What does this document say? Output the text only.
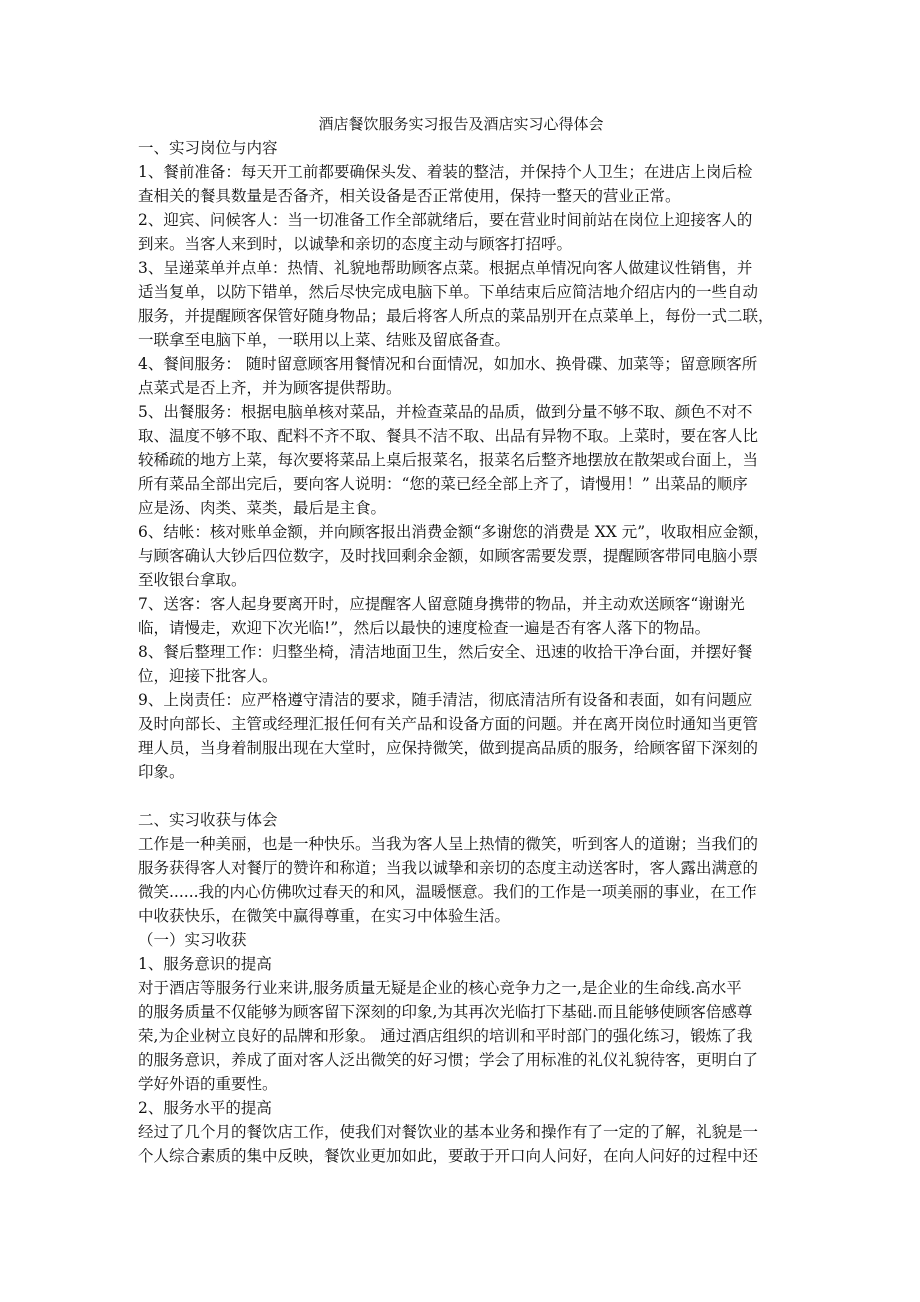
酒店餐饮服务实习报告及酒店实习心得体会

一、实习岗位与内容

1、餐前准备：每天开工前都要确保头发、着装的整洁，并保持个人卫生；在进店上岗后检

查相关的餐具数量是否备齐，相关设备是否正常使用，保持一整天的营业正常。

2、迎宾、问候客人：当一切准备工作全部就绪后，要在营业时间前站在岗位上迎接客人的

到来。当客人来到时，以诚挚和亲切的态度主动与顾客打招呼。

3、呈递菜单并点单：热情、礼貌地帮助顾客点菜。根据点单情况向客人做建议性销售，并

适当复单，以防下错单，然后尽快完成电脑下单。下单结束后应简洁地介绍店内的一些自动

服务，并提醒顾客保管好随身物品；最后将客人所点的菜品别开在点菜单上，每份一式二联，

一联拿至电脑下单，一联用以上菜、结账及留底备查。

4、餐间服务： 随时留意顾客用餐情况和台面情况，如加水、换骨碟、加菜等；留意顾客所

点菜式是否上齐，并为顾客提供帮助。

5、出餐服务：根据电脑单核对菜品，并检查菜品的品质，做到分量不够不取、颜色不对不

取、温度不够不取、配料不齐不取、餐具不洁不取、出品有异物不取。上菜时，要在客人比

较稀疏的地方上菜，每次要将菜品上桌后报菜名，报菜名后整齐地摆放在散架或台面上，当

所有菜品全部出完后，要向客人说明：“您的菜已经全部上齐了，请慢用！” 出菜品的顺序

应是汤、肉类、菜类，最后是主食。

6、结帐：核对账单金额，并向顾客报出消费金额“多谢您的消费是 XX 元”，收取相应金额，

与顾客确认大钞后四位数字，及时找回剩余金额，如顾客需要发票，提醒顾客带同电脑小票

至收银台拿取。

7、送客：客人起身要离开时，应提醒客人留意随身携带的物品，并主动欢送顾客“谢谢光

临，请慢走，欢迎下次光临!”，然后以最快的速度检查一遍是否有客人落下的物品。

8、餐后整理工作：归整坐椅，清洁地面卫生，然后安全、迅速的收拾干净台面，并摆好餐

位，迎接下批客人。

9、上岗责任：应严格遵守清洁的要求，随手清洁，彻底清洁所有设备和表面，如有问题应

及时向部长、主管或经理汇报任何有关产品和设备方面的问题。并在离开岗位时通知当更管

理人员，当身着制服出现在大堂时，应保持微笑，做到提高品质的服务，给顾客留下深刻的

印象。

二、实习收获与体会

工作是一种美丽，也是一种快乐。当我为客人呈上热情的微笑，听到客人的道谢；当我们的

服务获得客人对餐厅的赞许和称道；当我以诚挚和亲切的态度主动送客时，客人露出满意的

微笑......我的内心仿佛吹过春天的和风，温暖惬意。我们的工作是一项美丽的事业，在工作

中收获快乐，在微笑中赢得尊重，在实习中体验生活。

（一）实习收获

1、服务意识的提高

对于酒店等服务行业来讲,服务质量无疑是企业的核心竞争力之一,是企业的生命线.高水平

的服务质量不仅能够为顾客留下深刻的印象,为其再次光临打下基础.而且能够使顾客倍感尊

荣,为企业树立良好的品牌和形象。 通过酒店组织的培训和平时部门的强化练习，锻炼了我

的服务意识，养成了面对客人泛出微笑的好习惯；学会了用标准的礼仪礼貌待客，更明白了

学好外语的重要性。

2、服务水平的提高

经过了几个月的餐饮店工作，使我们对餐饮业的基本业务和操作有了一定的了解，礼貌是一

个人综合素质的集中反映，餐饮业更加如此，要敢于开口向人问好，在向人问好的过程中还
